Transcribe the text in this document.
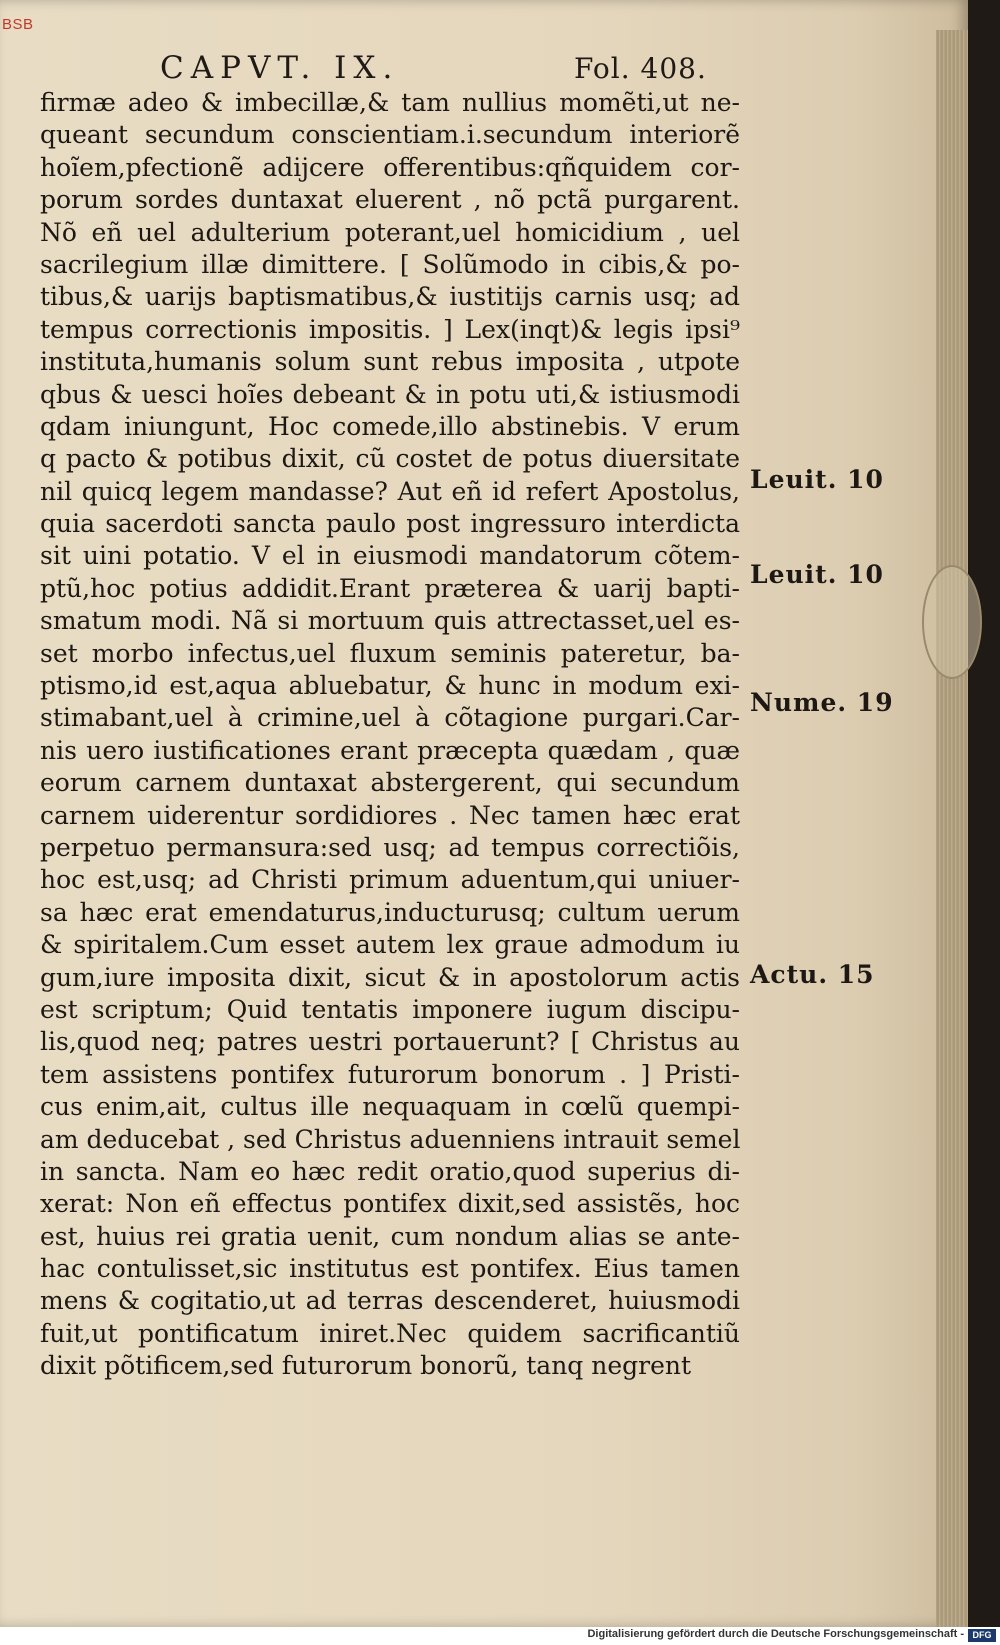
BSB
CAPVT. IX.	Fol. 408.
firmæ adeo & imbecillæ,& tam nullius momẽti,ut ne-
queant secundum conscientiam.i.secundum interiorẽ
hoĩem,pfectionẽ adijcere offerentibus:qñquidem cor-
porum sordes duntaxat eluerent , nõ pctã purgarent.
Nõ eñ uel adulterium poterant,uel homicidium , uel
sacrilegium illæ dimittere. [ Solũmodo in cibis,& po-
tibus,& uarijs baptismatibus,& iustitijs carnis usq; ad
tempus correctionis impositis. ] Lex(inqt)& legis ipsi⁹
instituta,humanis solum sunt rebus imposita , utpote
qbus & uesci hoĩes debeant & in potu uti,& istiusmodi
qdam iniungunt, Hoc comede,illo abstinebis. V erum
q pacto & potibus dixit, cũ costet de potus diuersitate
nil quicq legem mandasse? Aut eñ id refert Apostolus,
quia sacerdoti sancta paulo post ingressuro interdicta
sit uini potatio. V el in eiusmodi mandatorum cõtem-
ptũ,hoc potius addidit.Erant præterea & uarij bapti-
smatum modi. Nã si mortuum quis attrectasset,uel es-
set morbo infectus,uel fluxum seminis pateretur, ba-
ptismo,id est,aqua abluebatur, & hunc in modum exi-
stimabant,uel à crimine,uel à cõtagione purgari.Car-
nis uero iustificationes erant præcepta quædam , quæ
eorum carnem duntaxat abstergerent, qui secundum
carnem uiderentur sordidiores . Nec tamen hæc erat
perpetuo permansura:sed usq; ad tempus correctiõis,
hoc est,usq; ad Christi primum aduentum,qui uniuer-
sa hæc erat emendaturus,inducturusq; cultum uerum
& spiritalem.Cum esset autem lex graue admodum iu
gum,iure imposita dixit, sicut & in apostolorum actis
est scriptum; Quid tentatis imponere iugum discipu-
lis,quod neq; patres uestri portauerunt? [ Christus au
tem assistens pontifex futurorum bonorum . ] Pristi-
cus enim,ait, cultus ille nequaquam in cœlũ quempi-
am deducebat , sed Christus aduenniens intrauit semel
in sancta. Nam eo hæc redit oratio,quod superius di-
xerat: Non eñ effectus pontifex dixit,sed assistẽs, hoc
est, huius rei gratia uenit, cum nondum alias se ante-
hac contulisset,sic institutus est pontifex. Eius tamen
mens & cogitatio,ut ad terras descenderet, huiusmodi
fuit,ut pontificatum iniret.Nec quidem sacrificantiũ
dixit põtificem,sed futurorum bonorũ, tanq negrent
Leuit. 10
Leuit. 10
Nume. 19
Actu. 15
Digitalisierung gefördert durch die Deutsche Forschungsgemeinschaft - DFG
